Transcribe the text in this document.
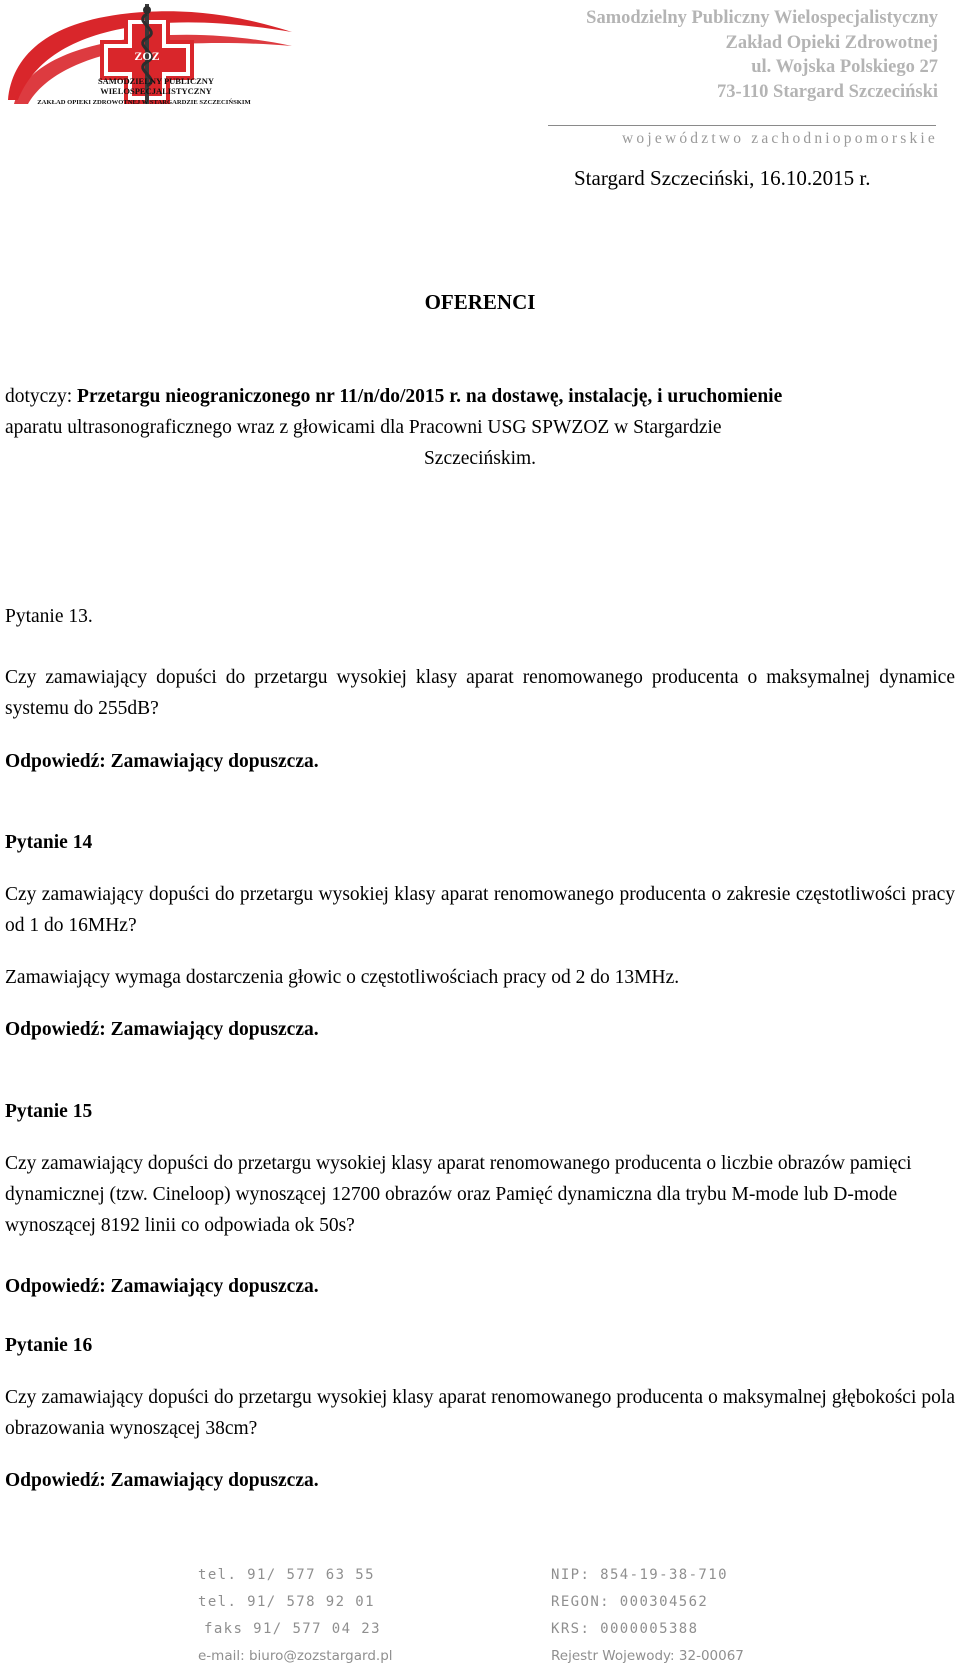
ZOZ
SAMODZIELNY PUBLICZNY
WIELOSPECJALISTYCZNY
ZAKŁAD OPIEKI ZDROWOTNEJ W STARGARDZIE SZCZECIŃSKIM
Samodzielny Publiczny Wielospecjalistyczny
Zakład Opieki Zdrowotnej
ul. Wojska Polskiego 27
73-110 Stargard Szczeciński
województwo zachodniopomorskie
Stargard Szczeciński, 16.10.2015 r.
OFERENCI
dotyczy: Przetargu nieograniczonego nr 11/n/do/2015 r. na dostawę, instalację, i uruchomienie
aparatu ultrasonograficznego wraz z głowicami dla Pracowni USG SPWZOZ w Stargardzie
Szczecińskim.
Pytanie 13.
Czy zamawiający dopuści do przetargu wysokiej klasy aparat renomowanego producenta o maksymalnej dynamice systemu do 255dB?
Odpowiedź: Zamawiający dopuszcza.
Pytanie 14
Czy zamawiający dopuści do przetargu wysokiej klasy aparat renomowanego producenta o zakresie częstotliwości pracy od 1 do 16MHz?
Zamawiający wymaga dostarczenia głowic o częstotliwościach pracy od 2 do 13MHz.
Odpowiedź: Zamawiający dopuszcza.
Pytanie 15
Czy zamawiający dopuści do przetargu wysokiej klasy aparat renomowanego producenta o liczbie obrazów pamięci dynamicznej (tzw. Cineloop) wynoszącej 12700 obrazów oraz Pamięć dynamiczna dla trybu M-mode lub D-mode wynoszącej 8192 linii co odpowiada ok 50s?
Odpowiedź: Zamawiający dopuszcza.
Pytanie 16
Czy zamawiający dopuści do przetargu wysokiej klasy aparat renomowanego producenta o maksymalnej głębokości pola obrazowania wynoszącej 38cm?
Odpowiedź: Zamawiający dopuszcza.
tel. 91/ 577 63 55
tel. 91/ 578 92 01
faks 91/ 577 04 23
e-mail: biuro@zozstargard.pl
NIP: 854-19-38-710
REGON: 000304562
KRS: 0000005388
Rejestr Wojewody: 32-00067
